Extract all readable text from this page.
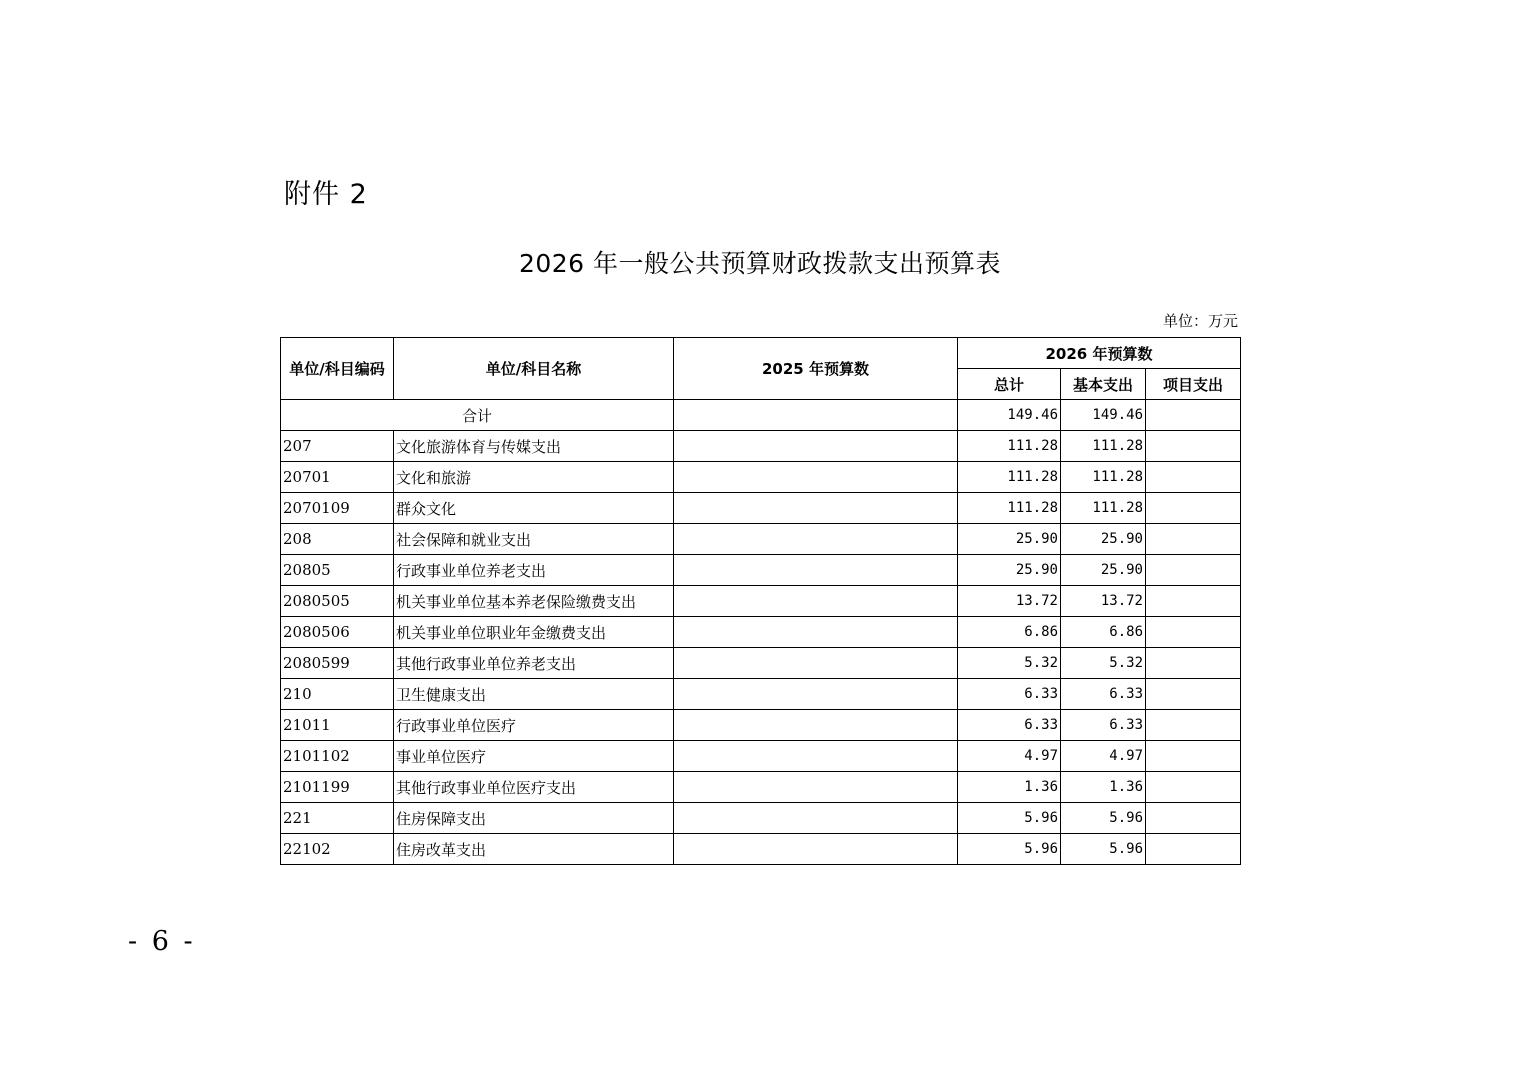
附件 2
2026 年一般公共预算财政拨款支出预算表
单位：万元
单位/科目编码	单位/科目名称	2025 年预算数	2026 年预算数		
			总计	基本支出	项目支出
合计			149.46	149.46	
207	文化旅游体育与传媒支出		111.28	111.28	
20701	文化和旅游		111.28	111.28	
2070109	群众文化		111.28	111.28	
208	社会保障和就业支出		25.90	25.90	
20805	行政事业单位养老支出		25.90	25.90	
2080505	机关事业单位基本养老保险缴费支出		13.72	13.72	
2080506	机关事业单位职业年金缴费支出		6.86	6.86	
2080599	其他行政事业单位养老支出		5.32	5.32	
210	卫生健康支出		6.33	6.33	
21011	行政事业单位医疗		6.33	6.33	
2101102	事业单位医疗		4.97	4.97	
2101199	其他行政事业单位医疗支出		1.36	1.36	
221	住房保障支出		5.96	5.96	
22102	住房改革支出		5.96	5.96	
- 6 -
